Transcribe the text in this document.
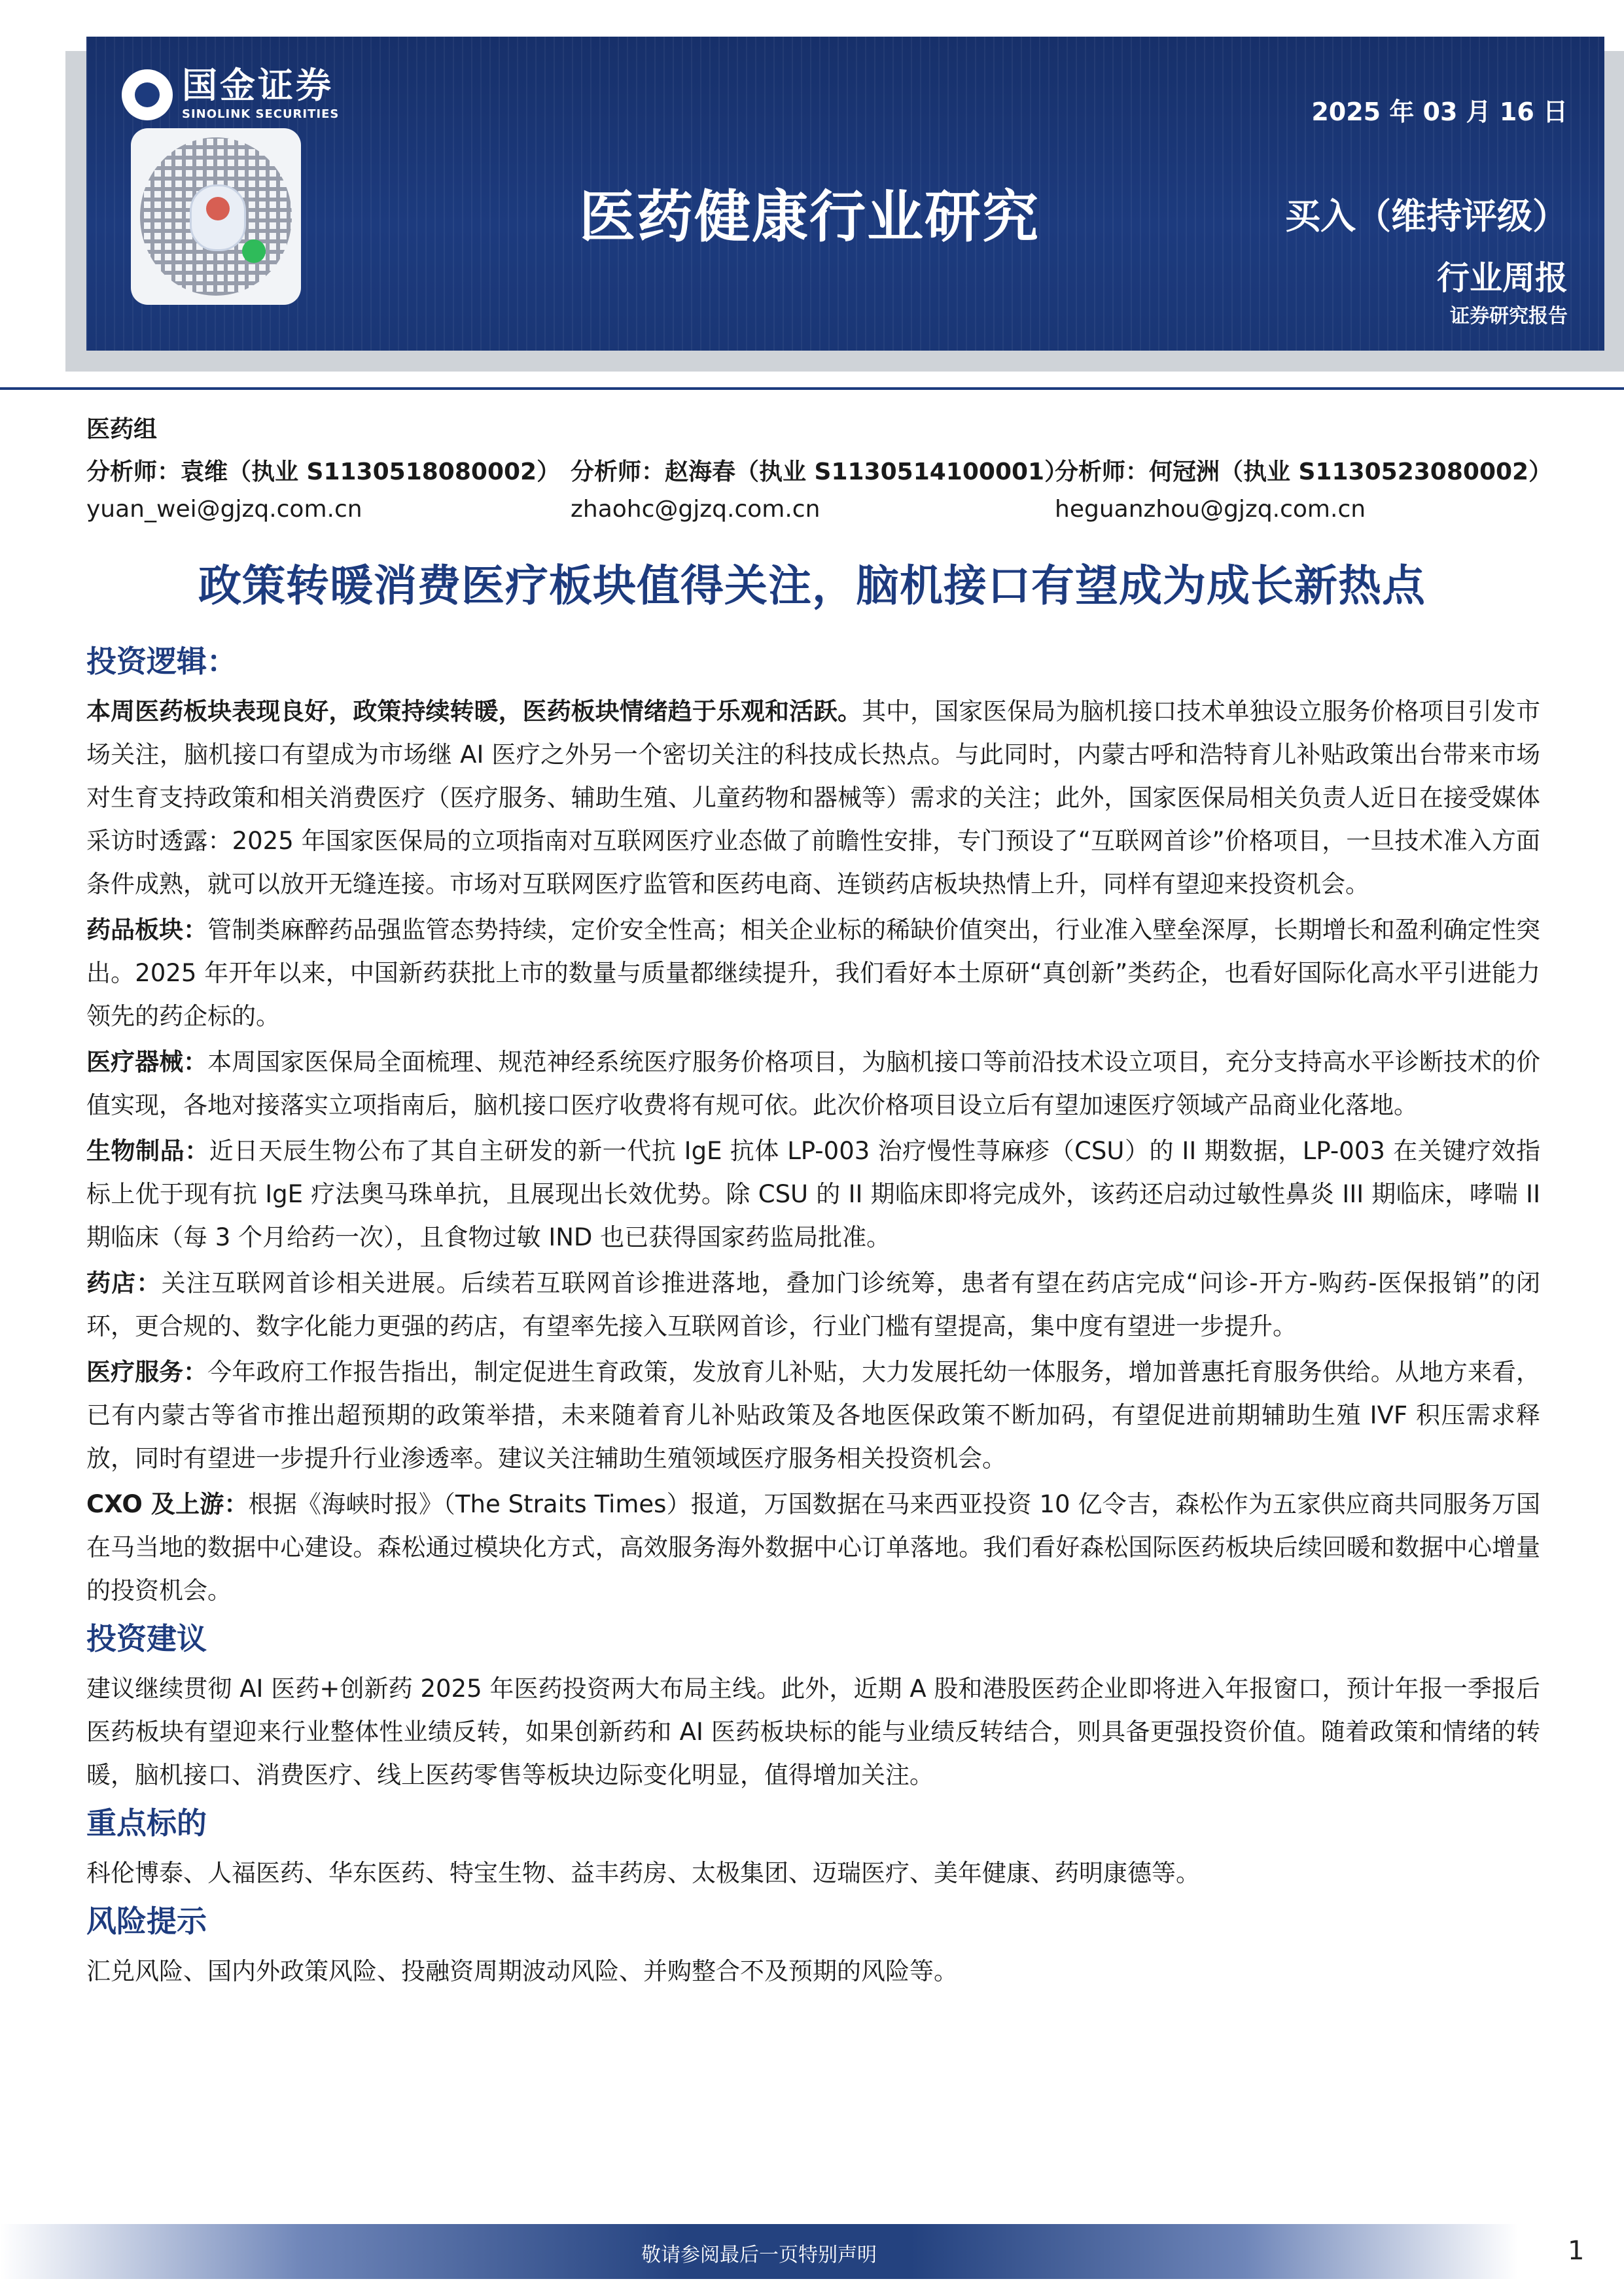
国金证券
SINOLINK SECURITIES	2025 年 03 月 16 日
医药健康行业研究	买入（维持评级）
行业周报
证券研究报告
医药组
分析师：袁维（执业 S1130518080002）
yuan_wei@gjzq.com.cn
分析师：赵海春（执业 S1130514100001）
zhaohc@gjzq.com.cn
分析师：何冠洲（执业 S1130523080002）
heguanzhou@gjzq.com.cn
政策转暖消费医疗板块值得关注，脑机接口有望成为成长新热点
投资逻辑：

本周医药板块表现良好，政策持续转暖，医药板块情绪趋于乐观和活跃。其中，国家医保局为脑机接口技术单独设立服务价格项目引发市场关注，脑机接口有望成为市场继 AI 医疗之外另一个密切关注的科技成长热点。与此同时，内蒙古呼和浩特育儿补贴政策出台带来市场对生育支持政策和相关消费医疗（医疗服务、辅助生殖、儿童药物和器械等）需求的关注；此外，国家医保局相关负责人近日在接受媒体采访时透露：2025 年国家医保局的立项指南对互联网医疗业态做了前瞻性安排，专门预设了“互联网首诊”价格项目，一旦技术准入方面条件成熟，就可以放开无缝连接。市场对互联网医疗监管和医药电商、连锁药店板块热情上升，同样有望迎来投资机会。

药品板块：管制类麻醉药品强监管态势持续，定价安全性高；相关企业标的稀缺价值突出，行业准入壁垒深厚，长期增长和盈利确定性突出。2025 年开年以来，中国新药获批上市的数量与质量都继续提升，我们看好本土原研“真创新”类药企，也看好国际化高水平引进能力领先的药企标的。

医疗器械：本周国家医保局全面梳理、规范神经系统医疗服务价格项目，为脑机接口等前沿技术设立项目，充分支持高水平诊断技术的价值实现，各地对接落实立项指南后，脑机接口医疗收费将有规可依。此次价格项目设立后有望加速医疗领域产品商业化落地。

生物制品：近日天辰生物公布了其自主研发的新一代抗 IgE 抗体 LP-003 治疗慢性荨麻疹（CSU）的 II 期数据，LP-003 在关键疗效指标上优于现有抗 IgE 疗法奥马珠单抗，且展现出长效优势。除 CSU 的 II 期临床即将完成外，该药还启动过敏性鼻炎 III 期临床，哮喘 II 期临床（每 3 个月给药一次），且食物过敏 IND 也已获得国家药监局批准。

药店：关注互联网首诊相关进展。后续若互联网首诊推进落地，叠加门诊统筹，患者有望在药店完成“问诊-开方-购药-医保报销”的闭环，更合规的、数字化能力更强的药店，有望率先接入互联网首诊，行业门槛有望提高，集中度有望进一步提升。

医疗服务：今年政府工作报告指出，制定促进生育政策，发放育儿补贴，大力发展托幼一体服务，增加普惠托育服务供给。从地方来看，已有内蒙古等省市推出超预期的政策举措，未来随着育儿补贴政策及各地医保政策不断加码，有望促进前期辅助生殖 IVF 积压需求释放，同时有望进一步提升行业渗透率。建议关注辅助生殖领域医疗服务相关投资机会。

CXO 及上游：根据《海峡时报》（The Straits Times）报道，万国数据在马来西亚投资 10 亿令吉，森松作为五家供应商共同服务万国在马当地的数据中心建设。森松通过模块化方式，高效服务海外数据中心订单落地。我们看好森松国际医药板块后续回暖和数据中心增量的投资机会。

投资建议

建议继续贯彻 AI 医药+创新药 2025 年医药投资两大布局主线。此外，近期 A 股和港股医药企业即将进入年报窗口，预计年报一季报后医药板块有望迎来行业整体性业绩反转，如果创新药和 AI 医药板块标的能与业绩反转结合，则具备更强投资价值。随着政策和情绪的转暖，脑机接口、消费医疗、线上医药零售等板块边际变化明显，值得增加关注。

重点标的

科伦博泰、人福医药、华东医药、特宝生物、益丰药房、太极集团、迈瑞医疗、美年健康、药明康德等。

风险提示

汇兑风险、国内外政策风险、投融资周期波动风险、并购整合不及预期的风险等。

敬请参阅最后一页特别声明	1
